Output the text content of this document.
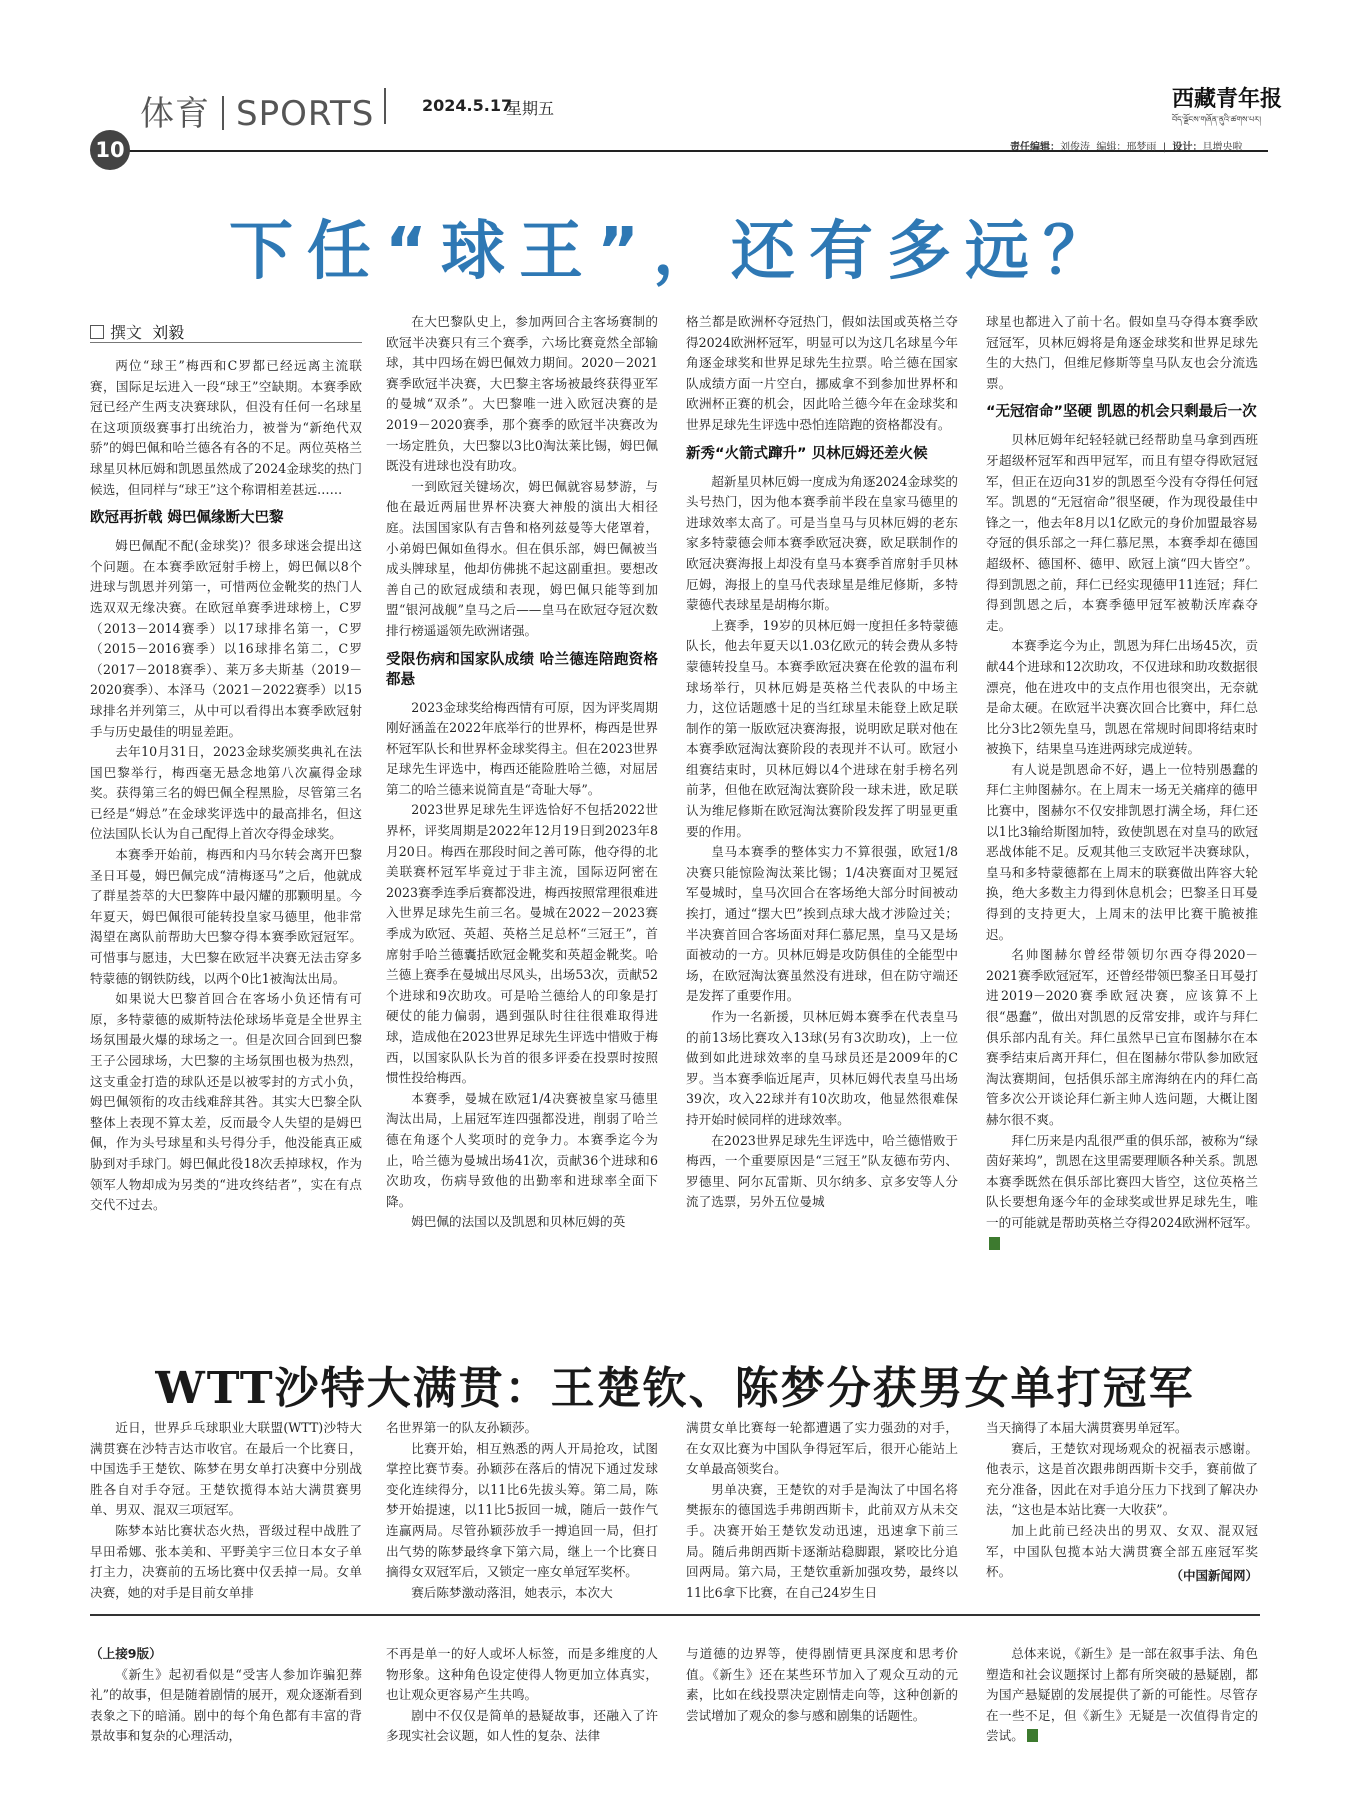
体育 SPORTS	2024.5.17
星期五	西藏青年报
བོད་ལྗོངས་གཞོན་ནུའི་ཚགས་པར།
10	责任编辑：刘俊涛 编辑：邢梦雨  |  设计：旦增央啦
下任“球王”，还有多远？
撰文 刘毅

两位“球王”梅西和C罗都已经远离主流联赛，国际足坛进入一段“球王”空缺期。本赛季欧冠已经产生两支决赛球队，但没有任何一名球星在这项顶级赛事打出统治力，被誉为“新绝代双骄”的姆巴佩和哈兰德各有各的不足。两位英格兰球星贝林厄姆和凯恩虽然成了2024金球奖的热门候选，但同样与“球王”这个称谓相差甚远……

欧冠再折戟 姆巴佩缘断大巴黎

姆巴佩配不配(金球奖)？很多球迷会提出这个问题。在本赛季欧冠射手榜上，姆巴佩以8个进球与凯恩并列第一，可惜两位金靴奖的热门人选双双无缘决赛。在欧冠单赛季进球榜上，C罗（2013－2014赛季）以17球排名第一，C罗（2015－2016赛季）以16球排名第二，C罗（2017－2018赛季）、莱万多夫斯基（2019－2020赛季）、本泽马（2021－2022赛季）以15球排名并列第三，从中可以看得出本赛季欧冠射手与历史最佳的明显差距。

去年10月31日，2023金球奖颁奖典礼在法国巴黎举行，梅西毫无悬念地第八次赢得金球奖。获得第三名的姆巴佩全程黑脸，尽管第三名已经是“姆总”在金球奖评选中的最高排名，但这位法国队长认为自己配得上首次夺得金球奖。

本赛季开始前，梅西和内马尔转会离开巴黎圣日耳曼，姆巴佩完成“清梅逐马”之后，他就成了群星荟萃的大巴黎阵中最闪耀的那颗明星。今年夏天，姆巴佩很可能转投皇家马德里，他非常渴望在离队前帮助大巴黎夺得本赛季欧冠冠军。可惜事与愿违，大巴黎在欧冠半决赛无法击穿多特蒙德的钢铁防线，以两个0比1被淘汰出局。

如果说大巴黎首回合在客场小负还情有可原，多特蒙德的威斯特法伦球场毕竟是全世界主场氛围最火爆的球场之一。但是次回合回到巴黎王子公园球场，大巴黎的主场氛围也极为热烈，这支重金打造的球队还是以被零封的方式小负，姆巴佩领衔的攻击线难辞其咎。其实大巴黎全队整体上表现不算太差，反而最令人失望的是姆巴佩，作为头号球星和头号得分手，他没能真正威胁到对手球门。姆巴佩此役18次丢掉球权，作为领军人物却成为另类的“进攻终结者”，实在有点交代不过去。

在大巴黎队史上，参加两回合主客场赛制的欧冠半决赛只有三个赛季，六场比赛竟然全部输球，其中四场在姆巴佩效力期间。2020－2021赛季欧冠半决赛，大巴黎主客场被最终获得亚军的曼城“双杀”。大巴黎唯一进入欧冠决赛的是2019－2020赛季，那个赛季的欧冠半决赛改为一场定胜负，大巴黎以3比0淘汰莱比锡，姆巴佩既没有进球也没有助攻。

一到欧冠关键场次，姆巴佩就容易梦游，与他在最近两届世界杯决赛大神般的演出大相径庭。法国国家队有吉鲁和格列兹曼等大佬罩着，小弟姆巴佩如鱼得水。但在俱乐部，姆巴佩被当成头牌球星，他却仿佛挑不起这副重担。要想改善自己的欧冠成绩和表现，姆巴佩只能等到加盟“银河战舰”皇马之后——皇马在欧冠夺冠次数排行榜遥遥领先欧洲诸强。

受限伤病和国家队成绩 哈兰德连陪跑资格都悬

2023金球奖给梅西情有可原，因为评奖周期刚好涵盖在2022年底举行的世界杯，梅西是世界杯冠军队长和世界杯金球奖得主。但在2023世界足球先生评选中，梅西还能险胜哈兰德，对屈居第二的哈兰德来说简直是“奇耻大辱”。

2023世界足球先生评选恰好不包括2022世界杯，评奖周期是2022年12月19日到2023年8月20日。梅西在那段时间之善可陈，他夺得的北美联赛杯冠军毕竟过于非主流，国际迈阿密在2023赛季连季后赛都没进，梅西按照常理很难进入世界足球先生前三名。曼城在2022－2023赛季成为欧冠、英超、英格兰足总杯“三冠王”，首席射手哈兰德囊括欧冠金靴奖和英超金靴奖。哈兰德上赛季在曼城出尽风头，出场53次，贡献52个进球和9次助攻。可是哈兰德给人的印象是打硬仗的能力偏弱，遇到强队时往往很难取得进球，造成他在2023世界足球先生评选中惜败于梅西，以国家队队长为首的很多评委在投票时按照惯性投给梅西。

本赛季，曼城在欧冠1/4决赛被皇家马德里淘汰出局，上届冠军连四强都没进，削弱了哈兰德在角逐个人奖项时的竞争力。本赛季迄今为止，哈兰德为曼城出场41次，贡献36个进球和6次助攻，伤病导致他的出勤率和进球率全面下降。

姆巴佩的法国以及凯恩和贝林厄姆的英

格兰都是欧洲杯夺冠热门，假如法国或英格兰夺得2024欧洲杯冠军，明显可以为这几名球星今年角逐金球奖和世界足球先生拉票。哈兰德在国家队成绩方面一片空白，挪威拿不到参加世界杯和欧洲杯正赛的机会，因此哈兰德今年在金球奖和世界足球先生评选中恐怕连陪跑的资格都没有。

新秀“火箭式蹿升” 贝林厄姆还差火候

超新星贝林厄姆一度成为角逐2024金球奖的头号热门，因为他本赛季前半段在皇家马德里的进球效率太高了。可是当皇马与贝林厄姆的老东家多特蒙德会师本赛季欧冠决赛，欧足联制作的欧冠决赛海报上却没有皇马本赛季首席射手贝林厄姆，海报上的皇马代表球星是维尼修斯，多特蒙德代表球星是胡梅尔斯。

上赛季，19岁的贝林厄姆一度担任多特蒙德队长，他去年夏天以1.03亿欧元的转会费从多特蒙德转投皇马。本赛季欧冠决赛在伦敦的温布利球场举行，贝林厄姆是英格兰代表队的中场主力，这位话题感十足的当红球星未能登上欧足联制作的第一版欧冠决赛海报，说明欧足联对他在本赛季欧冠淘汰赛阶段的表现并不认可。欧冠小组赛结束时，贝林厄姆以4个进球在射手榜名列前茅，但他在欧冠淘汰赛阶段一球未进，欧足联认为维尼修斯在欧冠淘汰赛阶段发挥了明显更重要的作用。

皇马本赛季的整体实力不算很强，欧冠1/8决赛只能惊险淘汰莱比锡；1/4决赛面对卫冕冠军曼城时，皇马次回合在客场绝大部分时间被动挨打，通过“摆大巴”挨到点球大战才涉险过关；半决赛首回合客场面对拜仁慕尼黑，皇马又是场面被动的一方。贝林厄姆是攻防俱佳的全能型中场，在欧冠淘汰赛虽然没有进球，但在防守端还是发挥了重要作用。

作为一名新援，贝林厄姆本赛季在代表皇马的前13场比赛攻入13球(另有3次助攻)，上一位做到如此进球效率的皇马球员还是2009年的C罗。当本赛季临近尾声，贝林厄姆代表皇马出场39次，攻入22球并有10次助攻，他显然很难保持开始时候同样的进球效率。

在2023世界足球先生评选中，哈兰德惜败于梅西，一个重要原因是“三冠王”队友德布劳内、罗德里、阿尔瓦雷斯、贝尔纳多、京多安等人分流了选票，另外五位曼城

球星也都进入了前十名。假如皇马夺得本赛季欧冠冠军，贝林厄姆将是角逐金球奖和世界足球先生的大热门，但维尼修斯等皇马队友也会分流选票。

“无冠宿命”坚硬 凯恩的机会只剩最后一次

贝林厄姆年纪轻轻就已经帮助皇马拿到西班牙超级杯冠军和西甲冠军，而且有望夺得欧冠冠军，但正在迈向31岁的凯恩至今没有夺得任何冠军。凯恩的“无冠宿命”很坚硬，作为现役最佳中锋之一，他去年8月以1亿欧元的身价加盟最容易夺冠的俱乐部之一拜仁慕尼黑，本赛季却在德国超级杯、德国杯、德甲、欧冠上演“四大皆空”。得到凯恩之前，拜仁已经实现德甲11连冠；拜仁得到凯恩之后，本赛季德甲冠军被勒沃库森夺走。

本赛季迄今为止，凯恩为拜仁出场45次，贡献44个进球和12次助攻，不仅进球和助攻数据很漂亮，他在进攻中的支点作用也很突出，无奈就是命太硬。在欧冠半决赛次回合比赛中，拜仁总比分3比2领先皇马，凯恩在常规时间即将结束时被换下，结果皇马连进两球完成逆转。

有人说是凯恩命不好，遇上一位特别愚蠢的拜仁主帅图赫尔。在上周末一场无关痛痒的德甲比赛中，图赫尔不仅安排凯恩打满全场，拜仁还以1比3输给斯图加特，致使凯恩在对皇马的欧冠恶战体能不足。反观其他三支欧冠半决赛球队，皇马和多特蒙德都在上周末的联赛做出阵容大轮换，绝大多数主力得到休息机会；巴黎圣日耳曼得到的支持更大，上周末的法甲比赛干脆被推迟。

名帅图赫尔曾经带领切尔西夺得2020－2021赛季欧冠冠军，还曾经带领巴黎圣日耳曼打进2019－2020赛季欧冠决赛，应该算不上很“愚蠢”，做出对凯恩的反常安排，或许与拜仁俱乐部内乱有关。拜仁虽然早已宣布图赫尔在本赛季结束后离开拜仁，但在图赫尔带队参加欧冠淘汰赛期间，包括俱乐部主席海纳在内的拜仁高管多次公开谈论拜仁新主帅人选问题，大概让图赫尔很不爽。

拜仁历来是内乱很严重的俱乐部，被称为“绿茵好莱坞”，凯恩在这里需要理顺各种关系。凯恩本赛季既然在俱乐部比赛四大皆空，这位英格兰队长要想角逐今年的金球奖或世界足球先生，唯一的可能就是帮助英格兰夺得2024欧洲杯冠军。

WTT沙特大满贯：王楚钦、陈梦分获男女单打冠军

近日，世界乒乓球职业大联盟(WTT)沙特大满贯赛在沙特吉达市收官。在最后一个比赛日，中国选手王楚钦、陈梦在男女单打决赛中分别战胜各自对手夺冠。王楚钦揽得本站大满贯赛男单、男双、混双三项冠军。

陈梦本站比赛状态火热，晋级过程中战胜了早田希娜、张本美和、平野美宇三位日本女子单打主力，决赛前的五场比赛中仅丢掉一局。女单决赛，她的对手是目前女单排

名世界第一的队友孙颖莎。

比赛开始，相互熟悉的两人开局抢攻，试图掌控比赛节奏。孙颖莎在落后的情况下通过发球变化连续得分，以11比6先拔头筹。第二局，陈梦开始提速，以11比5扳回一城，随后一鼓作气连赢两局。尽管孙颖莎放手一搏追回一局，但打出气势的陈梦最终拿下第六局，继上一个比赛日摘得女双冠军后，又锁定一座女单冠军奖杯。

赛后陈梦激动落泪，她表示，本次大

满贯女单比赛每一轮都遭遇了实力强劲的对手，在女双比赛为中国队争得冠军后，很开心能站上女单最高领奖台。

男单决赛，王楚钦的对手是淘汰了中国名将樊振东的德国选手弗朗西斯卡，此前双方从未交手。决赛开始王楚钦发动迅速，迅速拿下前三局。随后弗朗西斯卡逐渐站稳脚跟，紧咬比分追回两局。第六局，王楚钦重新加强攻势，最终以11比6拿下比赛，在自己24岁生日

当天摘得了本届大满贯赛男单冠军。

赛后，王楚钦对现场观众的祝福表示感谢。他表示，这是首次跟弗朗西斯卡交手，赛前做了充分准备，因此在对手追分压力下找到了解决办法，“这也是本站比赛一大收获”。

加上此前已经决出的男双、女双、混双冠军，中国队包揽本站大满贯赛全部五座冠军奖杯。	（中国新闻网）
（上接9版）

《新生》起初看似是“受害人参加诈骗犯葬礼”的故事，但是随着剧情的展开，观众逐渐看到表象之下的暗涌。剧中的每个角色都有丰富的背景故事和复杂的心理活动，

不再是单一的好人或坏人标签，而是多维度的人物形象。这种角色设定使得人物更加立体真实，也让观众更容易产生共鸣。

剧中不仅仅是简单的悬疑故事，还融入了许多现实社会议题，如人性的复杂、法律

与道德的边界等，使得剧情更具深度和思考价值。《新生》还在某些环节加入了观众互动的元素，比如在线投票决定剧情走向等，这种创新的尝试增加了观众的参与感和剧集的话题性。

总体来说，《新生》是一部在叙事手法、角色塑造和社会议题探讨上都有所突破的悬疑剧，都为国产悬疑剧的发展提供了新的可能性。尽管存在一些不足，但《新生》无疑是一次值得肯定的尝试。
